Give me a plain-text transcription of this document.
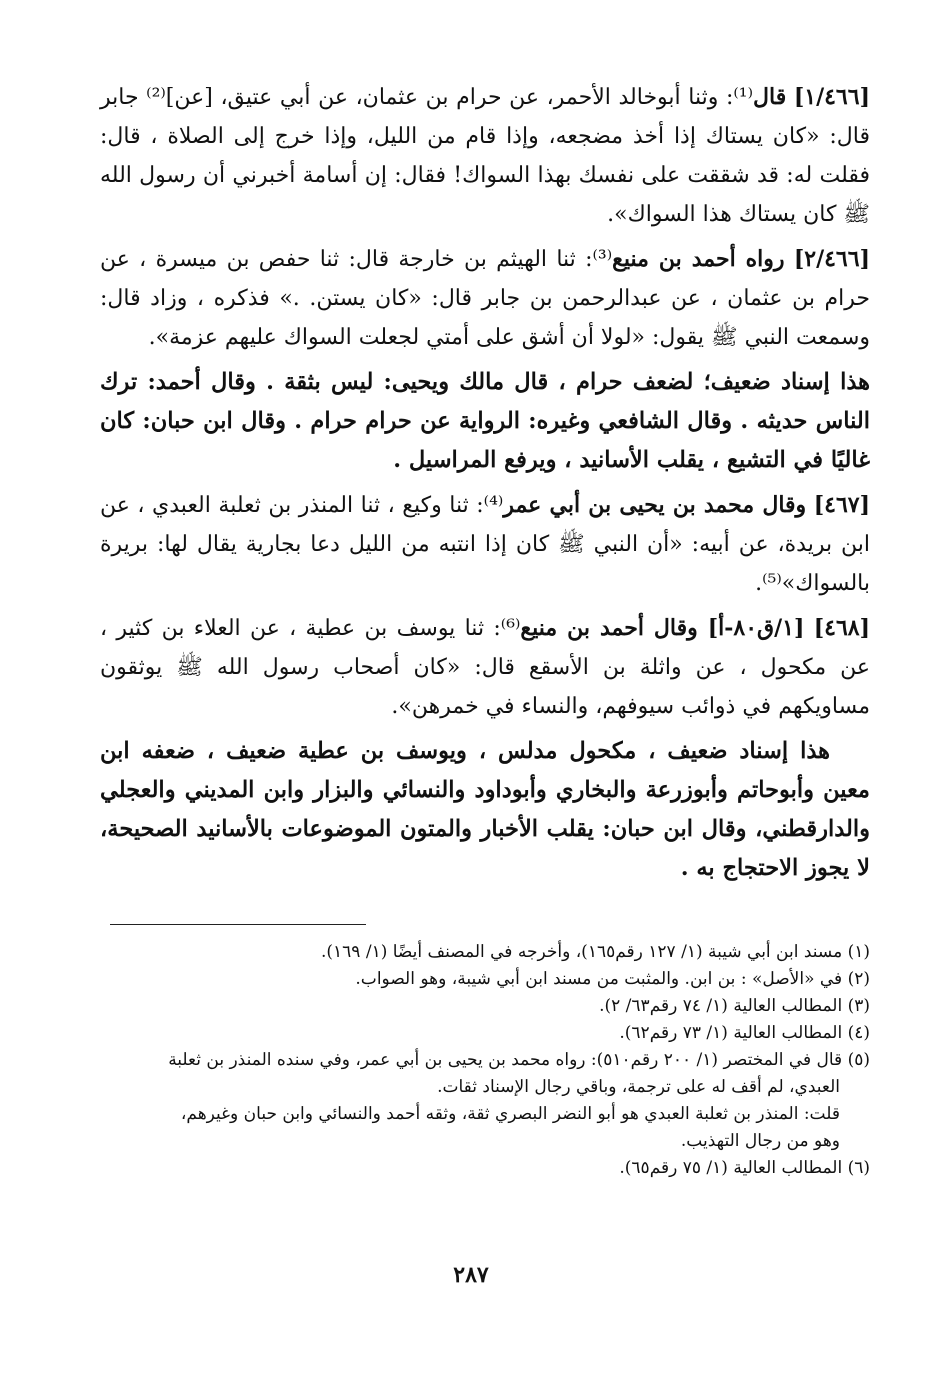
[١/٤٦٦] قال⁽¹⁾: وثنا أبوخالد الأحمر، عن حرام بن عثمان، عن أبي عتيق، [عن]⁽²⁾ جابر قال: «كان يستاك إذا أخذ مضجعه، وإذا قام من الليل، وإذا خرج إلى الصلاة ، قال: فقلت له: قد شققت على نفسك بهذا السواك! فقال: إن أسامة أخبرني أن رسول الله ﷺ كان يستاك هذا السواك».

[٢/٤٦٦] رواه أحمد بن منيع⁽³⁾: ثنا الهيثم بن خارجة قال: ثنا حفص بن ميسرة ، عن حرام بن عثمان ، عن عبدالرحمن بن جابر قال: «كان يستن. .» فذكره ، وزاد قال: وسمعت النبي ﷺ يقول: «لولا أن أشق على أمتي لجعلت السواك عليهم عزمة».

هذا إسناد ضعيف؛ لضعف حرام ، قال مالك ويحيى: ليس بثقة . وقال أحمد: ترك الناس حديثه . وقال الشافعي وغيره: الرواية عن حرام حرام . وقال ابن حبان: كان غاليًا في التشيع ، يقلب الأسانيد ، ويرفع المراسيل .

[٤٦٧] وقال محمد بن يحيى بن أبي عمر⁽⁴⁾: ثنا وكيع ، ثنا المنذر بن ثعلبة العبدي ، عن ابن بريدة، عن أبيه: «أن النبي ﷺ كان إذا انتبه من الليل دعا بجارية يقال لها: بريرة بالسواك»⁽⁵⁾.

[٤٦٨] [١/ق٨٠-أ] وقال أحمد بن منيع⁽⁶⁾: ثنا يوسف بن عطية ، عن العلاء بن كثير ، عن مكحول ، عن واثلة بن الأسقع قال: «كان أصحاب رسول الله ﷺ يوثقون مساويكهم في ذوائب سيوفهم، والنساء في خمرهن».

هذا إسناد ضعيف ، مكحول مدلس ، ويوسف بن عطية ضعيف ، ضعفه ابن معين وأبوحاتم وأبوزرعة والبخاري وأبوداود والنسائي والبزار وابن المديني والعجلي والدارقطني، وقال ابن حبان: يقلب الأخبار والمتون الموضوعات بالأسانيد الصحيحة، لا يجوز الاحتجاج به .

(١) مسند ابن أبي شيبة (١/ ١٢٧ رقم١٦٥)، وأخرجه في المصنف أيضًا (١/ ١٦٩).

(٢) في «الأصل» : بن ابن. والمثبت من مسند ابن أبي شيبة، وهو الصواب.

(٣) المطالب العالية (١/ ٧٤ رقم٦٣/ ٢).

(٤) المطالب العالية (١/ ٧٣ رقم٦٢).

(٥) قال في المختصر (١/ ٢٠٠ رقم٥١٠): رواه محمد بن يحيى بن أبي عمر، وفي سنده المنذر بن ثعلبة

العبدي، لم أقف له على ترجمة، وباقي رجال الإسناد ثقات.

قلت: المنذر بن ثعلبة العبدي هو أبو النضر البصري ثقة، وثقه أحمد والنسائي وابن حبان وغيرهم،

وهو من رجال التهذيب.

(٦) المطالب العالية (١/ ٧٥ رقم٦٥).

٢٨٧
